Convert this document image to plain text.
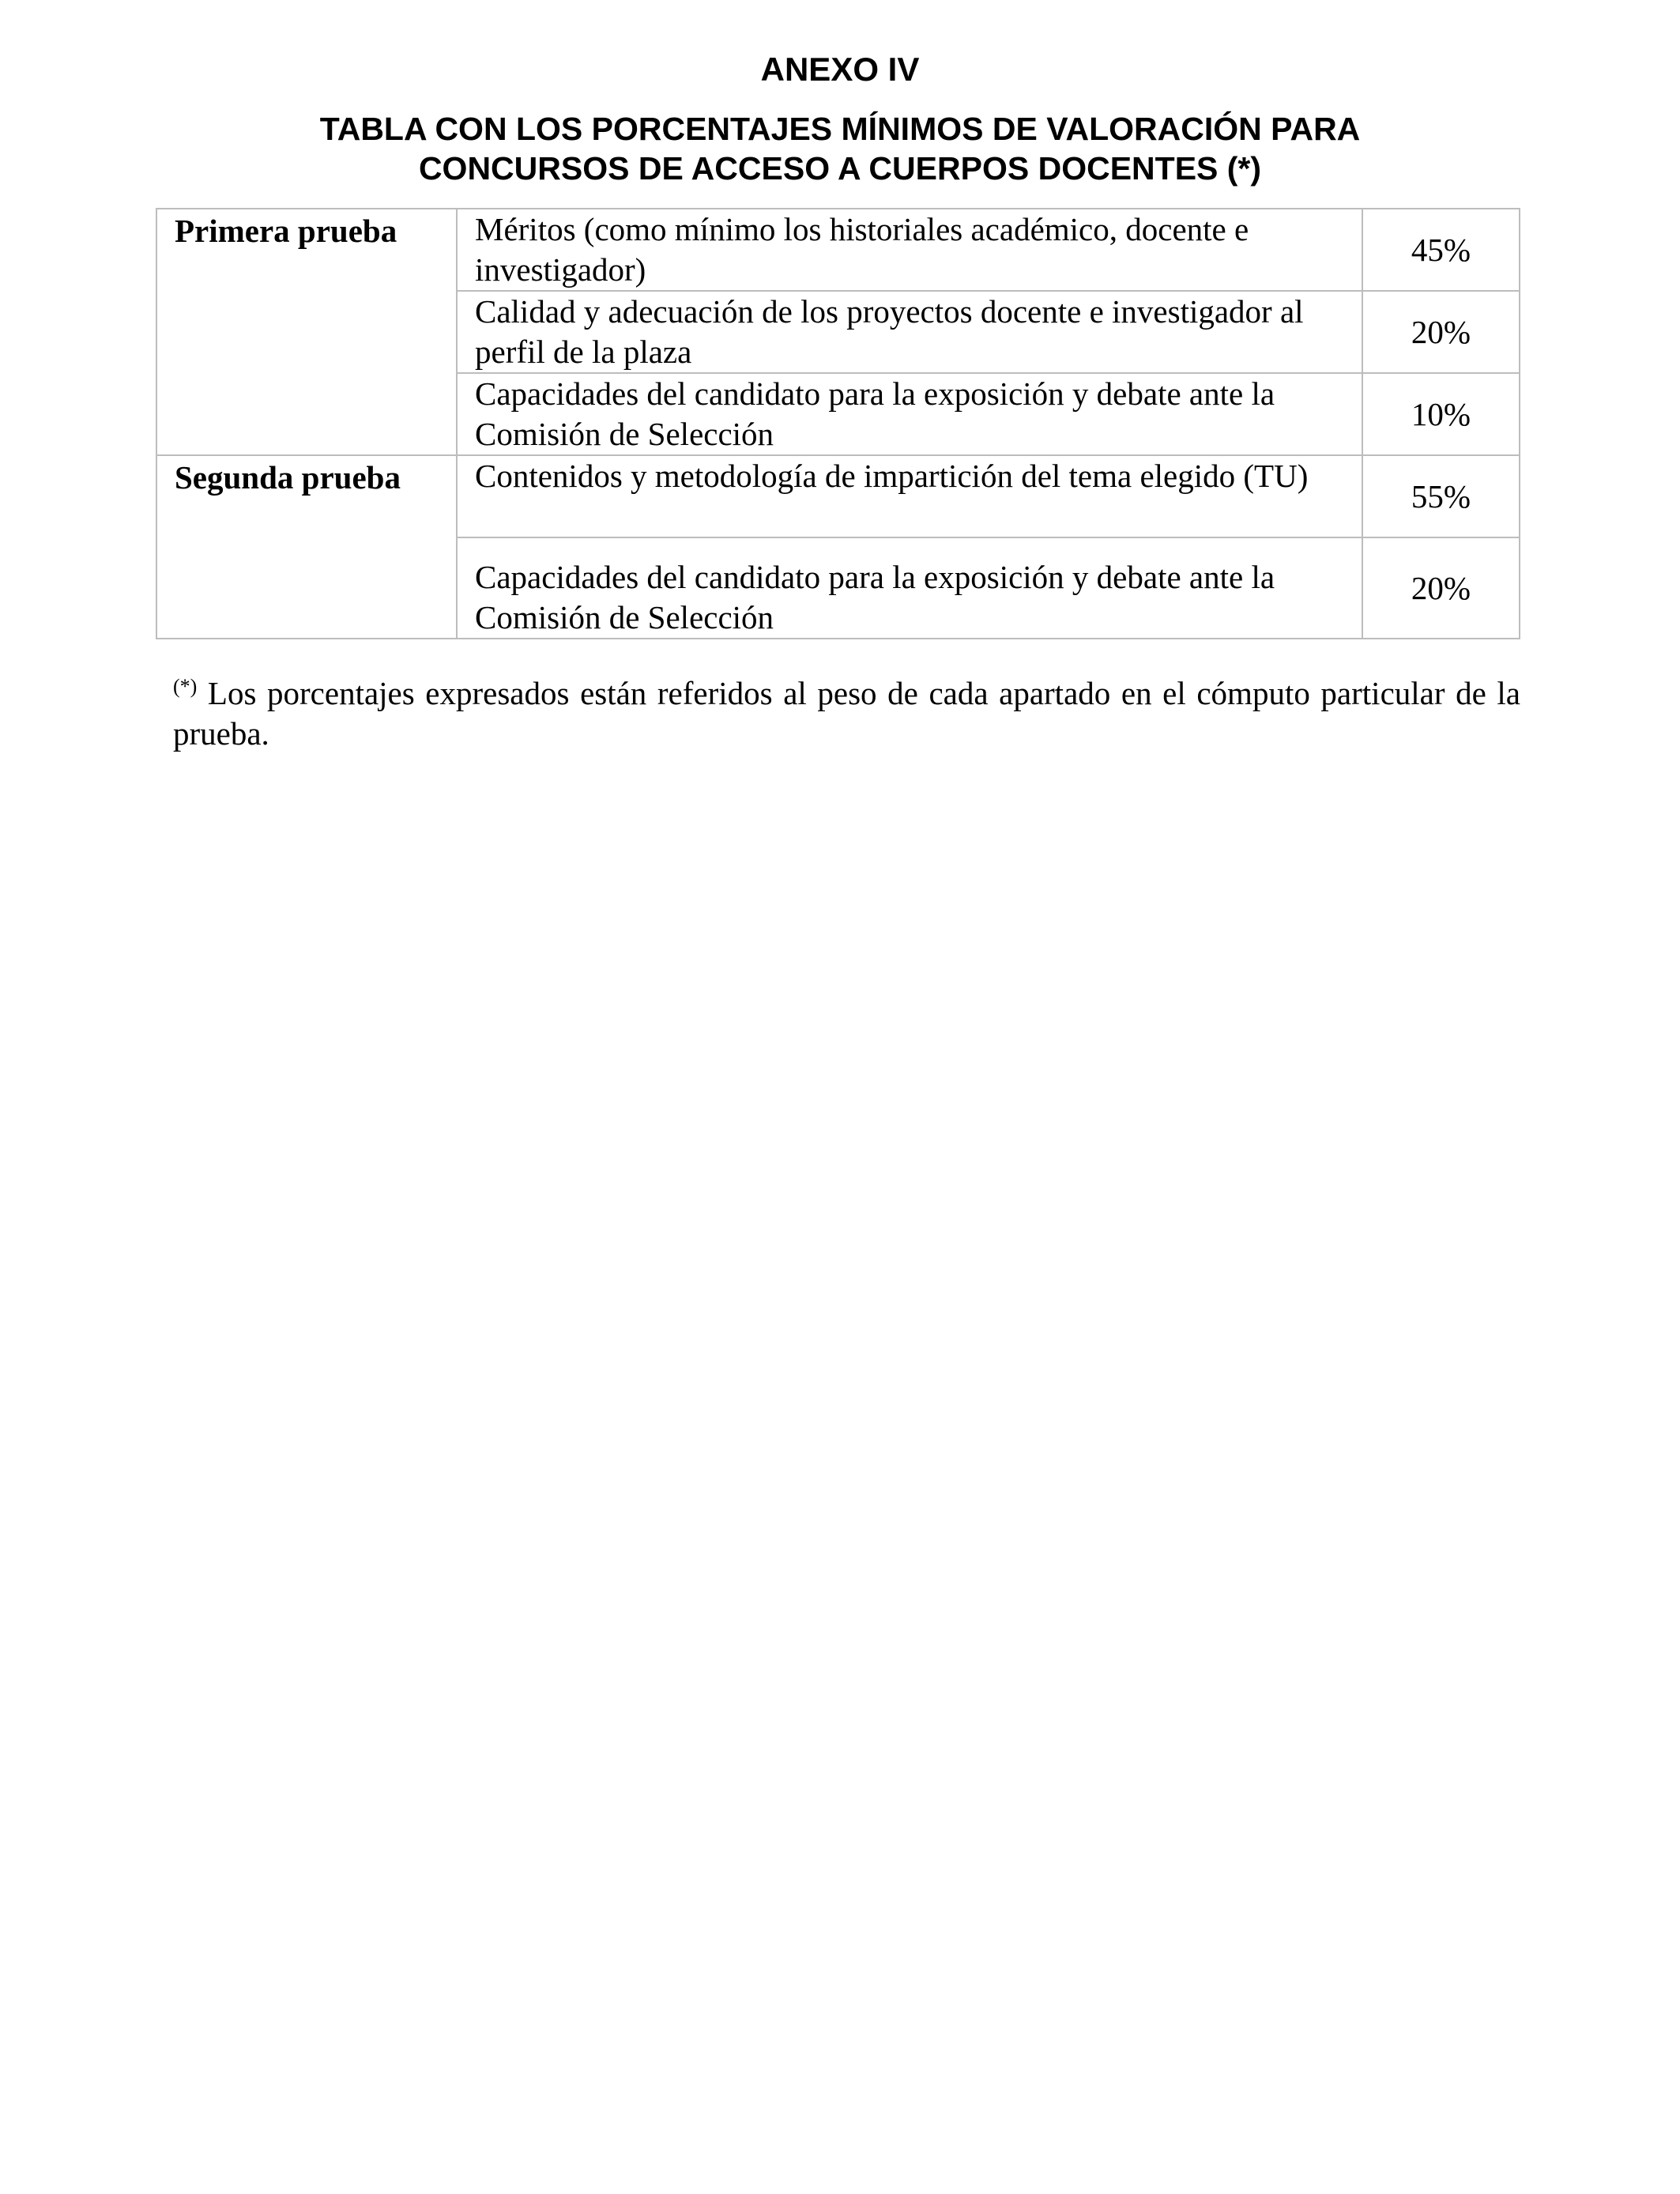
ANEXO IV
TABLA CON LOS PORCENTAJES MÍNIMOS DE VALORACIÓN PARA
CONCURSOS DE ACCESO A CUERPOS DOCENTES (*)
Primera prueba	Méritos (como mínimo los historiales académico, docente e investigador)	45%
	Calidad y adecuación de los proyectos docente e investigador al perfil de la plaza	20%
	Capacidades del candidato para la exposición y debate ante la Comisión de Selección	10%
Segunda prueba	Contenidos y metodología de impartición del tema elegido (TU)	55%
	Capacidades del candidato para la exposición y debate ante la Comisión de Selección	20%
(*) Los porcentajes expresados están referidos al peso de cada apartado en el cómputo particular de la prueba.
